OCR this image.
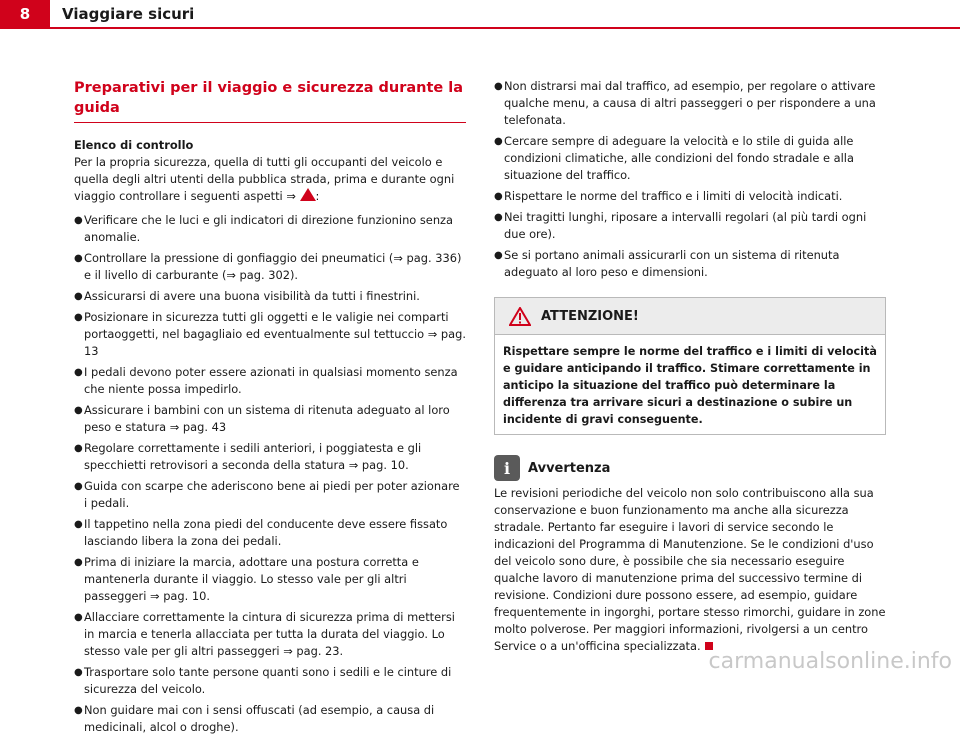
8	Viaggiare sicuri
Preparativi per il viaggio e sicurezza durante la guida

Elenco di controllo

Per la propria sicurezza, quella di tutti gli occupanti del veicolo e quella degli altri utenti della pubblica strada, prima e durante ogni viaggio controllare i seguenti aspetti ⇒ :

● Verificare che le luci e gli indicatori di direzione funzionino senza anomalie.
● Controllare la pressione di gonfiaggio dei pneumatici (⇒ pag. 336) e il livello di carburante (⇒ pag. 302).
● Assicurarsi di avere una buona visibilità da tutti i finestrini.
● Posizionare in sicurezza tutti gli oggetti e le valigie nei comparti portaoggetti, nel bagagliaio ed eventualmente sul tettuccio ⇒ pag. 13
● I pedali devono poter essere azionati in qualsiasi momento senza che niente possa impedirlo.
● Assicurare i bambini con un sistema di ritenuta adeguato al loro peso e statura ⇒ pag. 43
● Regolare correttamente i sedili anteriori, i poggiatesta e gli specchietti retrovisori a seconda della statura ⇒ pag. 10.
● Guida con scarpe che aderiscono bene ai piedi per poter azionare i pedali.
● Il tappetino nella zona piedi del conducente deve essere fissato lasciando libera la zona dei pedali.
● Prima di iniziare la marcia, adottare una postura corretta e mantenerla durante il viaggio. Lo stesso vale per gli altri passeggeri ⇒ pag. 10.
● Allacciare correttamente la cintura di sicurezza prima di mettersi in marcia e tenerla allacciata per tutta la durata del viaggio. Lo stesso vale per gli altri passeggeri ⇒ pag. 23.
● Trasportare solo tante persone quanti sono i sedili e le cinture di sicurezza del veicolo.
● Non guidare mai con i sensi offuscati (ad esempio, a causa di medicinali, alcol o droghe).
● Non distrarsi mai dal traffico, ad esempio, per regolare o attivare qualche menu, a causa di altri passeggeri o per rispondere a una telefonata.
● Cercare sempre di adeguare la velocità e lo stile di guida alle condizioni climatiche, alle condizioni del fondo stradale e alla situazione del traffico.
● Rispettare le norme del traffico e i limiti di velocità indicati.
● Nei tragitti lunghi, riposare a intervalli regolari (al più tardi ogni due ore).
● Se si portano animali assicurarli con un sistema di ritenuta adeguato al loro peso e dimensioni.
ATTENZIONE!
Rispettare sempre le norme del traffico e i limiti di velocità e guidare anticipando il traffico. Stimare correttamente in anticipo la situazione del traffico può determinare la differenza tra arrivare sicuri a destinazione o subire un incidente di gravi conseguente.
i	Avvertenza

Le revisioni periodiche del veicolo non solo contribuiscono alla sua conservazione e buon funzionamento ma anche alla sicurezza stradale. Pertanto far eseguire i lavori di service secondo le indicazioni del Programma di Manutenzione. Se le condizioni d'uso del veicolo sono dure, è possibile che sia necessario eseguire qualche lavoro di manutenzione prima del successivo termine di revisione. Condizioni dure possono essere, ad esempio, guidare frequentemente in ingorghi, portare stesso rimorchi, guidare in zone molto polverose. Per maggiori informazioni, rivolgersi a un centro Service o a un'officina specializzata.

carmanualsonline.info
